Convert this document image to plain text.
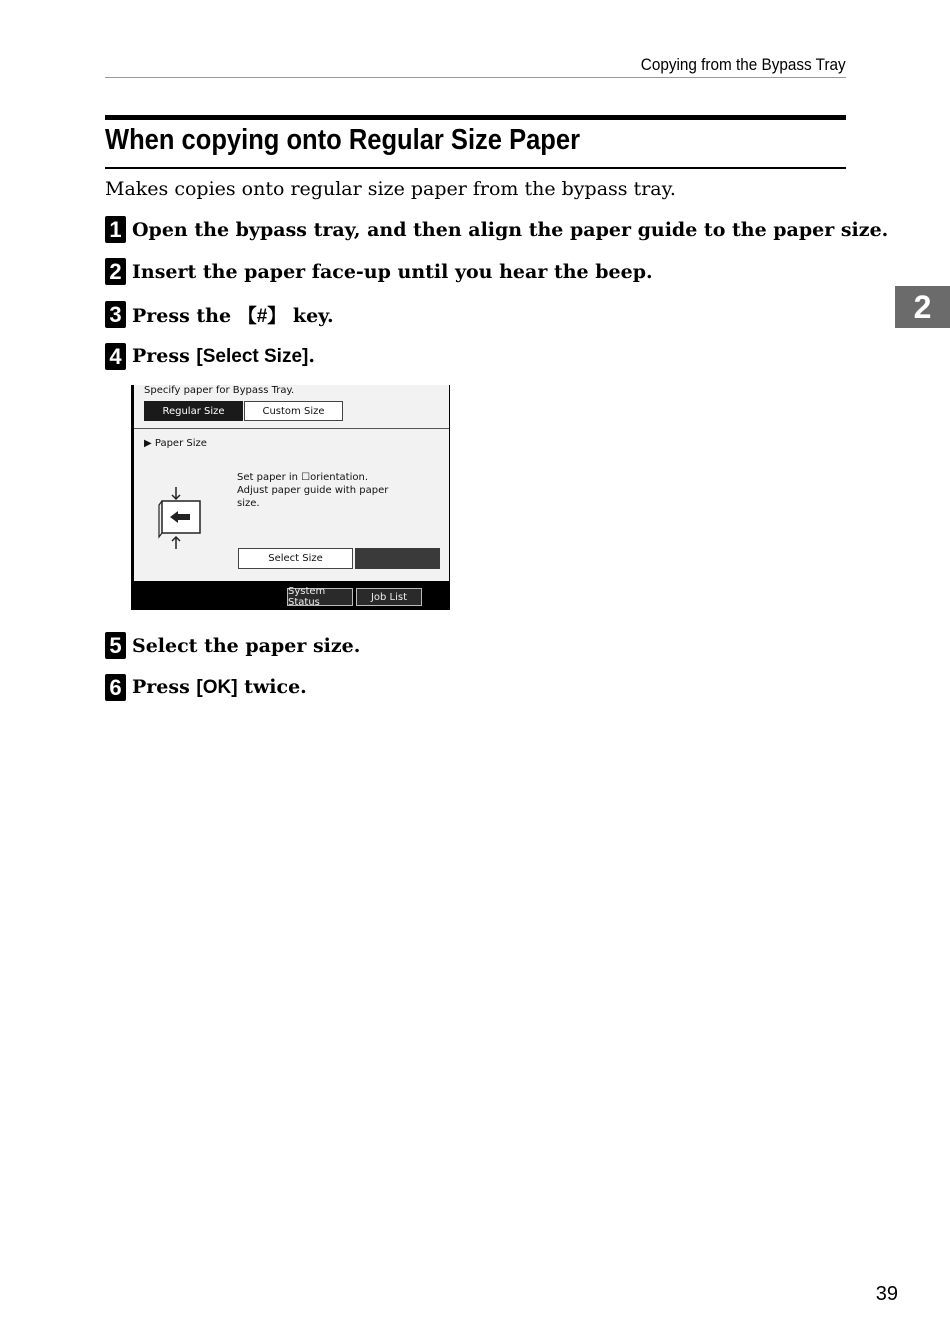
Copying from the Bypass Tray
When copying onto Regular Size Paper
Makes copies onto regular size paper from the bypass tray.
1 Open the bypass tray, and then align the paper guide to the paper size.
2 Insert the paper face-up until you hear the beep.
3 Press the 【#】 key.
4 Press [Select Size].
Specify paper for Bypass Tray.
Regular Size	Custom Size
▶ Paper Size
Set paper in ☐orientation.
Adjust paper guide with paper
size.
Select Size
System Status	Job List
5 Select the paper size.
6 Press [OK] twice.
2
39
